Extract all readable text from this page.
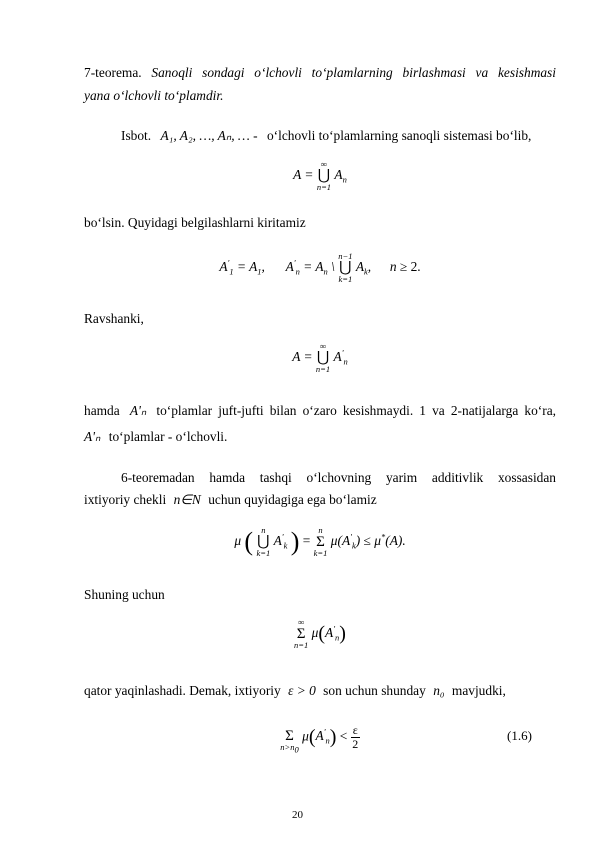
7-teorema. Sanoqli sondagi o‘lchovli to‘plamlarning birlashmasi va kesishmasi
yana o‘lchovli to‘plamdir.
Isbot. A₁, A₂, …, Aₙ, … - o‘lchovli to‘plamlarning sanoqli sistemasi bo‘lib,
A =
∞
⋃
n=1
$A_n$
bo‘lsin. Quyidagi belgilashlarni kiritamiz
$A'_1 = A_1$, $A'_n = A_n$ \
n−1
⋃
k=1
$A_k$, n ≥ 2.
Ravshanki,
A =
∞
⋃
n=1
$A'_n$
hamda A'ₙ to‘plamlar juft-jufti bilan o‘zaro kesishmaydi. 1 va 2-natijalarga ko‘ra,
A'ₙ to‘plamlar - o‘lchovli.
6-teoremadan hamda tashqi o‘lchovning yarim additivlik xossasidan
ixtiyoriy chekli n∈N uchun quyidagiga ega bo‘lamiz
μ ( n
⋃
k=1
$A'_k$ ) =
n
Σ
k=1
$\mu(A'_k) \le \mu^*(A)$.
Shuning uchun
∞
Σ
n=1
$\mu(A'_n)$
qator yaqinlashadi. Demak, ixtiyoriy ε > 0 son uchun shunday n₀ mavjudki,

Σ
$n>n_0$
$\mu(A'_n) < \frac{\varepsilon}{2}$	(1.6)
20
